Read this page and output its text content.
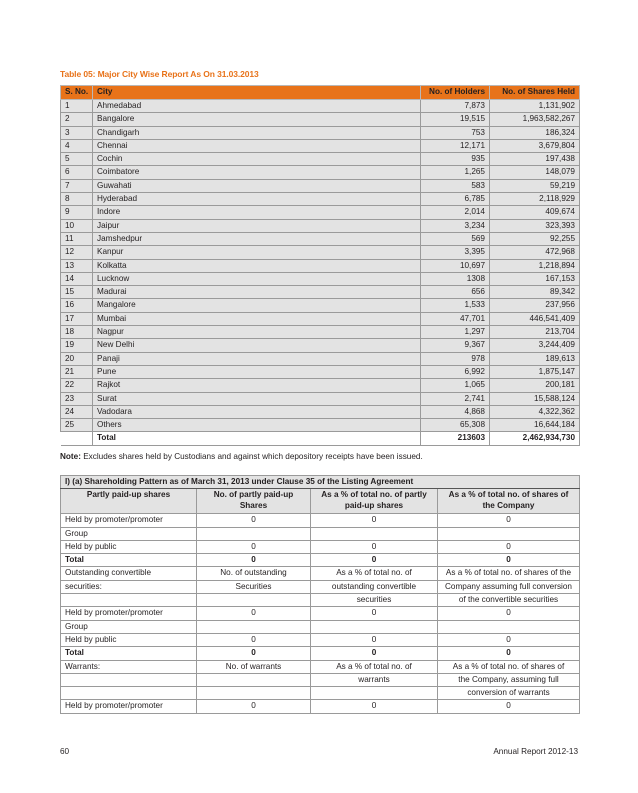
Table 05: Major City Wise Report As On 31.03.2013
S. No.	City	No. of Holders	No. of Shares Held
1	Ahmedabad	7,873	1,131,902
2	Bangalore	19,515	1,963,582,267
3	Chandigarh	753	186,324
4	Chennai	12,171	3,679,804
5	Cochin	935	197,438
6	Coimbatore	1,265	148,079
7	Guwahati	583	59,219
8	Hyderabad	6,785	2,118,929
9	Indore	2,014	409,674
10	Jaipur	3,234	323,393
11	Jamshedpur	569	92,255
12	Kanpur	3,395	472,968
13	Kolkatta	10,697	1,218,894
14	Lucknow	1308	167,153
15	Madurai	656	89,342
16	Mangalore	1,533	237,956
17	Mumbai	47,701	446,541,409
18	Nagpur	1,297	213,704
19	New Delhi	9,367	3,244,409
20	Panaji	978	189,613
21	Pune	6,992	1,875,147
22	Rajkot	1,065	200,181
23	Surat	2,741	15,588,124
24	Vadodara	4,868	4,322,362
25	Others	65,308	16,644,184
	Total	213603	2,462,934,730
Note: Excludes shares held by Custodians and against which depository receipts have been issued.
I) (a) Shareholding Pattern as of March 31, 2013 under Clause 35 of the Listing Agreement			
Partly paid-up shares	No. of partly paid-up Shares	As a % of total no. of partly paid-up shares	As a % of total no. of shares of the Company
Held by promoter/promoter	0	0	0
Group			
Held by public	0	0	0
Total	0	0	0
Outstanding convertible	No. of outstanding	As a % of total no. of	As a % of total no. of shares of the
securities:	Securities	outstanding convertible	Company assuming full conversion
		securities	of the convertible securities
Held by promoter/promoter	0	0	0
Group			
Held by public	0	0	0
Total	0	0	0
Warrants:	No. of warrants	As a % of total no. of	As a % of total no. of shares of
		warrants	the Company, assuming full
			conversion of warrants
Held by promoter/promoter	0	0	0
60	Annual Report 2012-13
